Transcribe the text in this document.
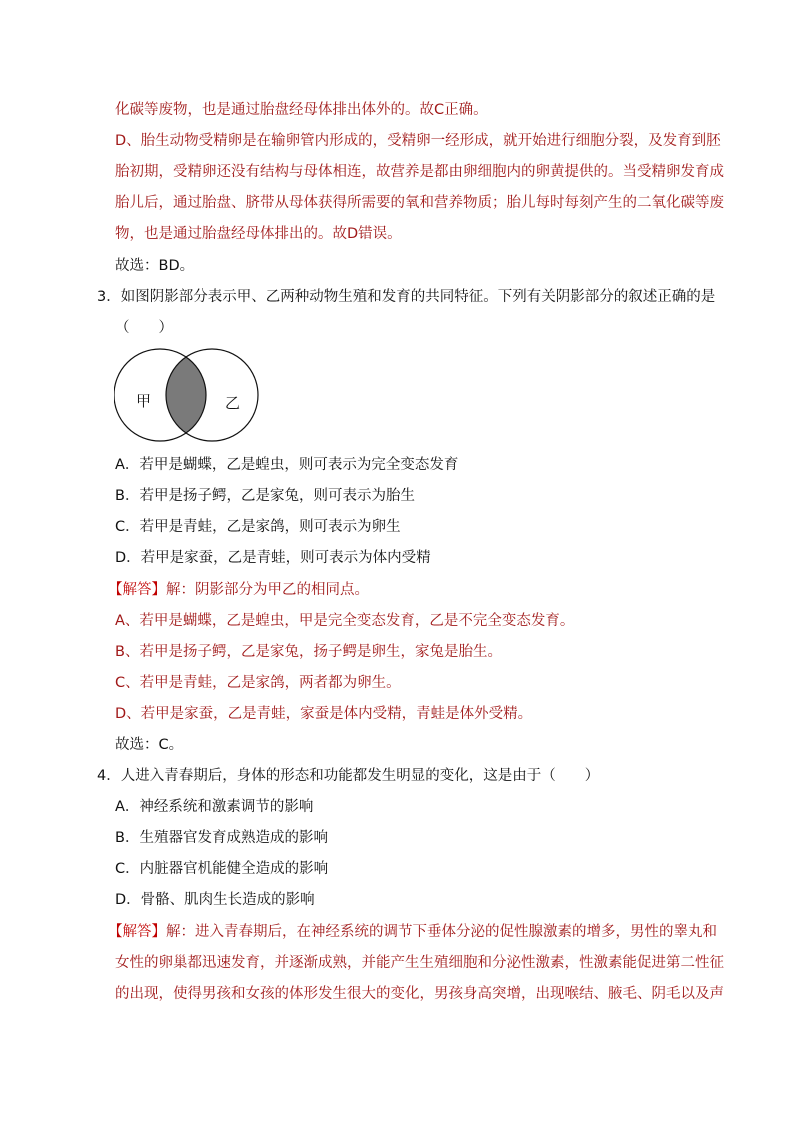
化碳等废物，也是通过胎盘经母体排出体外的。故C正确。
D、胎生动物受精卵是在输卵管内形成的，受精卵一经形成，就开始进行细胞分裂，及发育到胚
胎初期，受精卵还没有结构与母体相连，故营养是都由卵细胞内的卵黄提供的。当受精卵发育成
胎儿后，通过胎盘、脐带从母体获得所需要的氧和营养物质；胎儿每时每刻产生的二氧化碳等废
物，也是通过胎盘经母体排出的。故D错误。
故选：BD。
3．如图阴影部分表示甲、乙两种动物生殖和发育的共同特征。下列有关阴影部分的叙述正确的是
（　　）
甲	乙
A．若甲是蝴蝶，乙是蝗虫，则可表示为完全变态发育
B．若甲是扬子鳄，乙是家兔，则可表示为胎生
C．若甲是青蛙，乙是家鸽，则可表示为卵生
D．若甲是家蚕，乙是青蛙，则可表示为体内受精
【解答】解：阴影部分为甲乙的相同点。
A、若甲是蝴蝶，乙是蝗虫，甲是完全变态发育，乙是不完全变态发育。
B、若甲是扬子鳄，乙是家兔，扬子鳄是卵生，家兔是胎生。
C、若甲是青蛙，乙是家鸽，两者都为卵生。
D、若甲是家蚕，乙是青蛙，家蚕是体内受精，青蛙是体外受精。
故选：C。
4．人进入青春期后，身体的形态和功能都发生明显的变化，这是由于（　　）
A．神经系统和激素调节的影响
B．生殖器官发育成熟造成的影响
C．内脏器官机能健全造成的影响
D．骨骼、肌肉生长造成的影响
【解答】解：进入青春期后，在神经系统的调节下垂体分泌的促性腺激素的增多，男性的睾丸和
女性的卵巢都迅速发育，并逐渐成熟，并能产生生殖细胞和分泌性激素，性激素能促进第二性征
的出现，使得男孩和女孩的体形发生很大的变化，男孩身高突增，出现喉结、腋毛、阴毛以及声
